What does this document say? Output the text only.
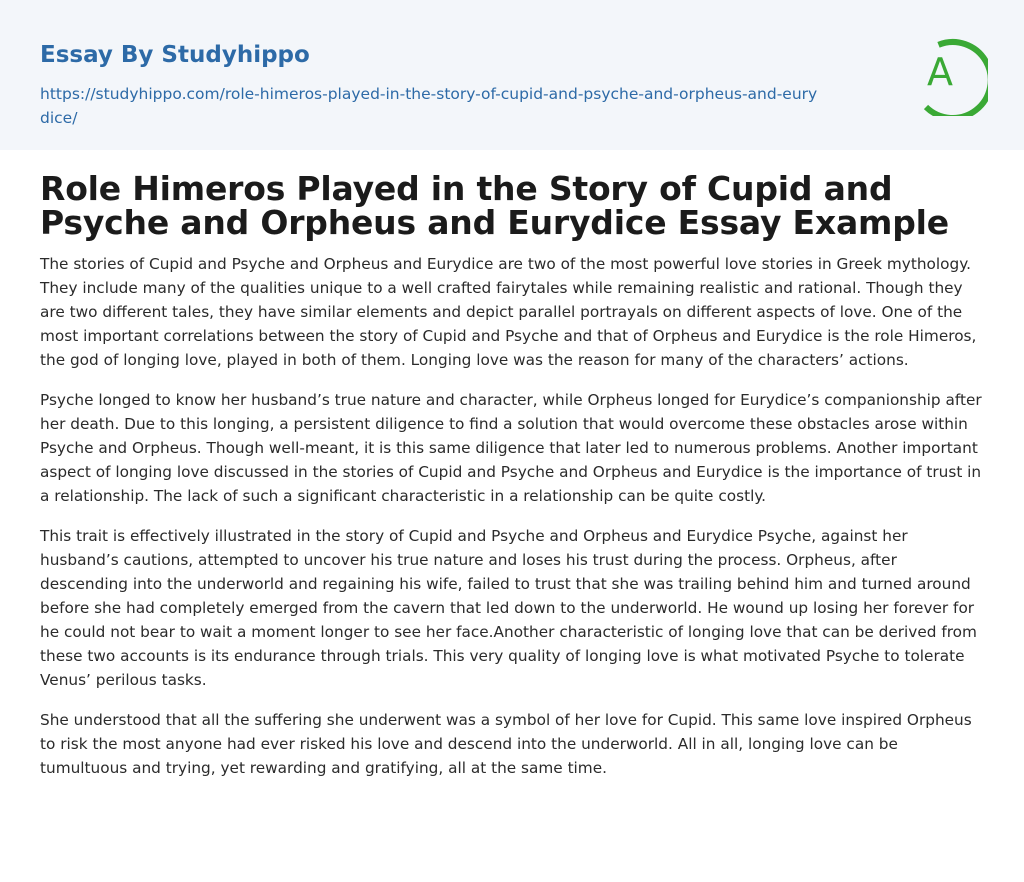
Essay By Studyhippo
https://studyhippo.com/role-himeros-played-in-the-story-of-cupid-and-psyche-and-orpheus-and-eurydice/
A
Role Himeros Played in the Story of Cupid and Psyche and Orpheus and Eurydice Essay Example

The stories of Cupid and Psyche and Orpheus and Eurydice are two of the most powerful love stories in Greek mythology. They include many of the qualities unique to a well crafted fairytales while remaining realistic and rational. Though they are two different tales, they have similar elements and depict parallel portrayals on different aspects of love. One of the most important correlations between the story of Cupid and Psyche and that of Orpheus and Eurydice is the role Himeros, the god of longing love, played in both of them. Longing love was the reason for many of the characters’ actions.

Psyche longed to know her husband’s true nature and character, while Orpheus longed for Eurydice’s companionship after her death. Due to this longing, a persistent diligence to find a solution that would overcome these obstacles arose within Psyche and Orpheus. Though well-meant, it is this same diligence that later led to numerous problems. Another important aspect of longing love discussed in the stories of Cupid and Psyche and Orpheus and Eurydice is the importance of trust in a relationship. The lack of such a significant characteristic in a relationship can be quite costly.

This trait is effectively illustrated in the story of Cupid and Psyche and Orpheus and Eurydice Psyche, against her husband’s cautions, attempted to uncover his true nature and loses his trust during the process. Orpheus, after descending into the underworld and regaining his wife, failed to trust that she was trailing behind him and turned around before she had completely emerged from the cavern that led down to the underworld. He wound up losing her forever for he could not bear to wait a moment longer to see her face.Another characteristic of longing love that can be derived from these two accounts is its endurance through trials. This very quality of longing love is what motivated Psyche to tolerate Venus’ perilous tasks.

She understood that all the suffering she underwent was a symbol of her love for Cupid. This same love inspired Orpheus to risk the most anyone had ever risked his love and descend into the underworld. All in all, longing love can be tumultuous and trying, yet rewarding and gratifying, all at the same time.
